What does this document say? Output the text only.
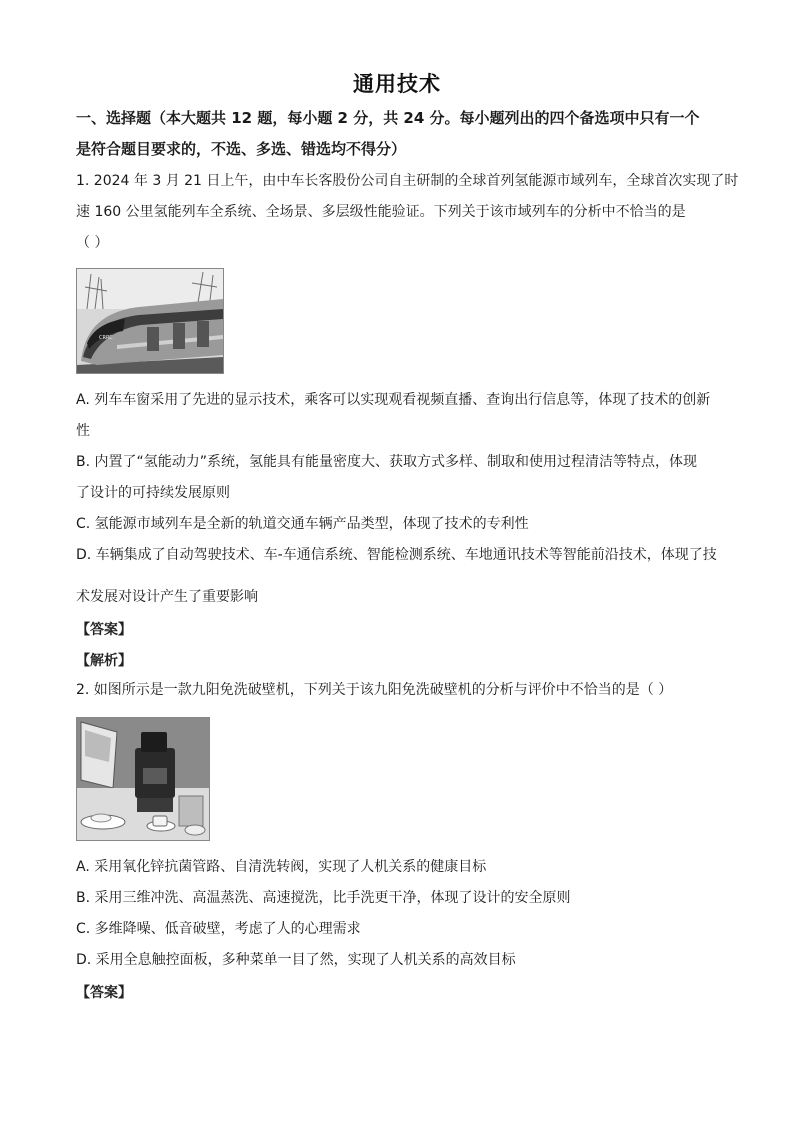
通用技术
一、选择题（本大题共 12 题，每小题 2 分，共 24 分。每小题列出的四个备选项中只有一个
是符合题目要求的，不选、多选、错选均不得分）
1. 2024 年 3 月 21 日上午，由中车长客股份公司自主研制的全球首列氢能源市域列车，全球首次实现了时
速 160 公里氢能列车全系统、全场景、多层级性能验证。下列关于该市域列车的分析中不恰当的是
（ ）
CRRC
A. 列车车窗采用了先进的显示技术，乘客可以实现观看视频直播、查询出行信息等，体现了技术的创新
性
B. 内置了“氢能动力”系统，氢能具有能量密度大、获取方式多样、制取和使用过程清洁等特点，体现
了设计的可持续发展原则
C. 氢能源市域列车是全新的轨道交通车辆产品类型，体现了技术的专利性
D. 车辆集成了自动驾驶技术、车-车通信系统、智能检测系统、车地通讯技术等智能前沿技术，体现了技
术发展对设计产生了重要影响
【答案】
【解析】
2. 如图所示是一款九阳免洗破壁机，下列关于该九阳免洗破壁机的分析与评价中不恰当的是（ ）
A. 采用氧化锌抗菌管路、自清洗转阀，实现了人机关系的健康目标
B. 采用三维冲洗、高温蒸洗、高速搅洗，比手洗更干净，体现了设计的安全原则
C. 多维降噪、低音破壁，考虑了人的心理需求
D. 采用全息触控面板，多种菜单一目了然，实现了人机关系的高效目标
【答案】
